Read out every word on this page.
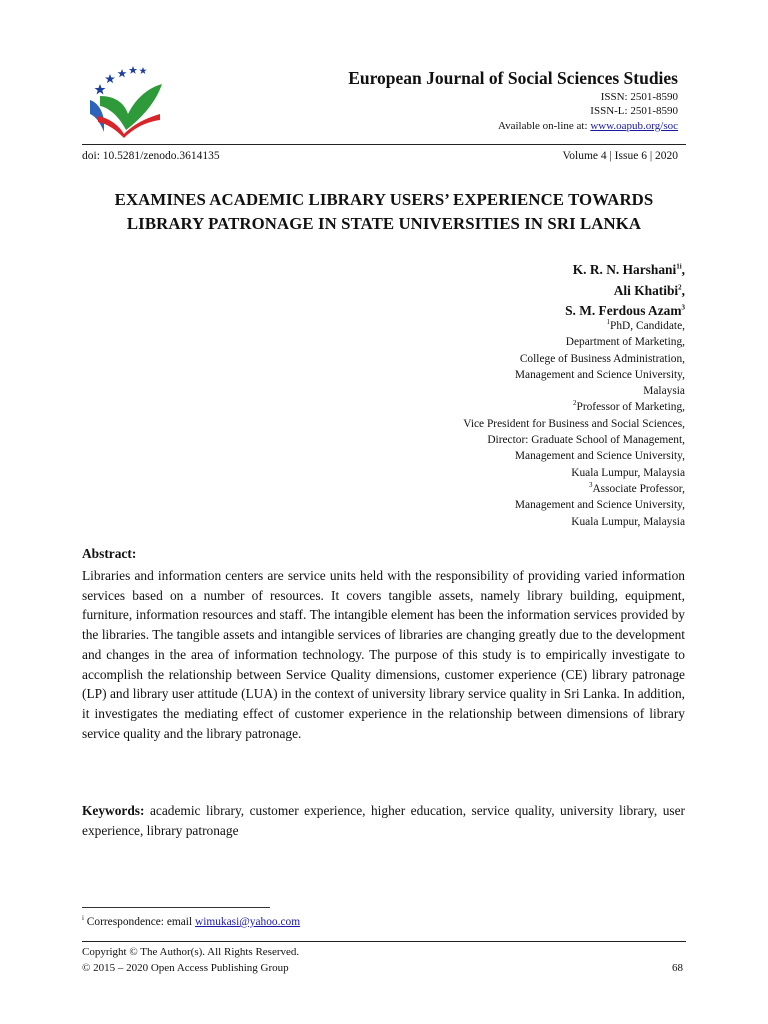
European Journal of Social Sciences Studies
ISSN: 2501-8590
ISSN-L: 2501-8590
Available on-line at: www.oapub.org/soc
doi: 10.5281/zenodo.3614135	Volume 4 | Issue 6 | 2020
EXAMINES ACADEMIC LIBRARY USERS’ EXPERIENCE TOWARDS
LIBRARY PATRONAGE IN STATE UNIVERSITIES IN SRI LANKA
K. R. N. Harshani$^{1i}$,
Ali Khatibi$^2$,
S. M. Ferdous Azam$^3$
$^1$PhD, Candidate,
Department of Marketing,
College of Business Administration,
Management and Science University,
Malaysia
$^2$Professor of Marketing,
Vice President for Business and Social Sciences,
Director: Graduate School of Management,
Management and Science University,
Kuala Lumpur, Malaysia
$^3$Associate Professor,
Management and Science University,
Kuala Lumpur, Malaysia
Abstract:
Libraries and information centers are service units held with the responsibility of providing varied information services based on a number of resources. It covers tangible assets, namely library building, equipment, furniture, information resources and staff. The intangible element has been the information services provided by the libraries. The tangible assets and intangible services of libraries are changing greatly due to the development and changes in the area of information technology. The purpose of this study is to empirically investigate to accomplish the relationship between Service Quality dimensions, customer experience (CE) library patronage (LP) and library user attitude (LUA) in the context of university library service quality in Sri Lanka. In addition, it investigates the mediating effect of customer experience in the relationship between dimensions of library service quality and the library patronage.
Keywords: academic library, customer experience, higher education, service quality, university library, user experience, library patronage
$^i$ Correspondence: email wimukasi@yahoo.com
Copyright © The Author(s). All Rights Reserved.
© 2015 – 2020 Open Access Publishing Group	68
